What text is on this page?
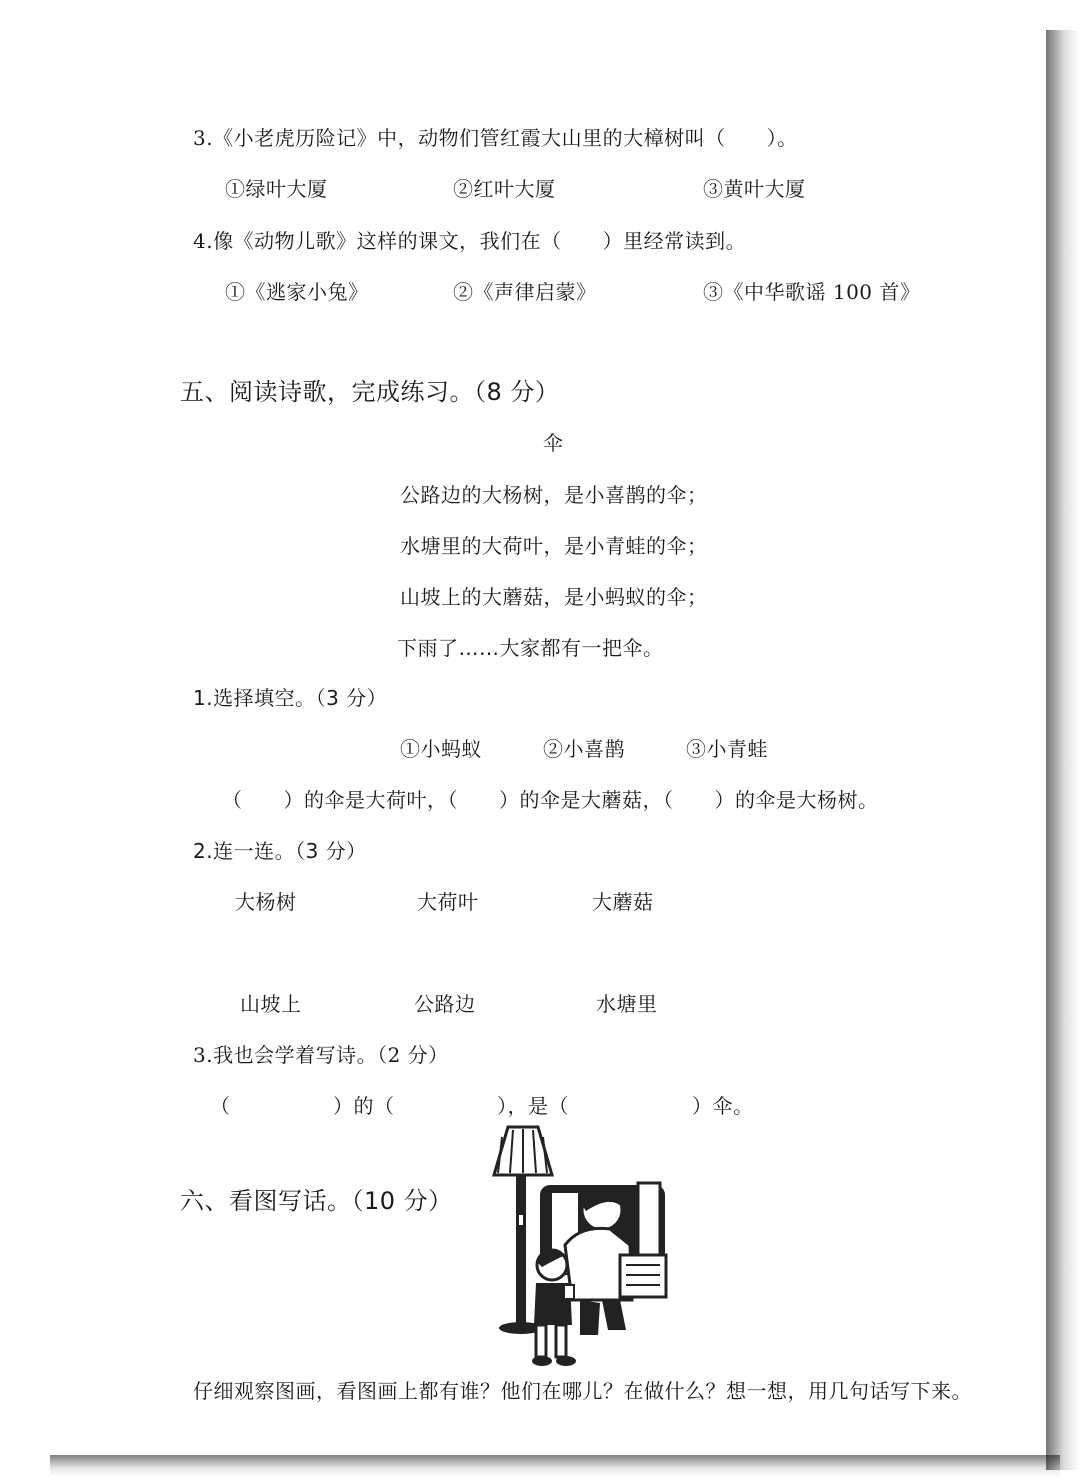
3.《小老虎历险记》中，动物们管红霞大山里的大樟树叫（　　）。
①绿叶大厦	②红叶大厦	③黄叶大厦
4.像《动物儿歌》这样的课文，我们在（　　）里经常读到。
①《逃家小兔》	②《声律启蒙》	③《中华歌谣 100 首》
五、阅读诗歌，完成练习。（8 分）
伞
公路边的大杨树，是小喜鹊的伞；
水塘里的大荷叶，是小青蛙的伞；
山坡上的大蘑菇，是小蚂蚁的伞；
下雨了……大家都有一把伞。
1.选择填空。（3 分）
①小蚂蚁	②小喜鹊	③小青蛙
（　　）的伞是大荷叶，（　　）的伞是大蘑菇，（　　）的伞是大杨树。
2.连一连。（3 分）
大杨树	大荷叶	大蘑菇
山坡上	公路边	水塘里
3.我也会学着写诗。（2 分）
（　　　　　）的（　　　　　），是（　　　　　　）伞。
六、看图写话。（10 分）
仔细观察图画，看图画上都有谁？他们在哪儿？在做什么？想一想，用几句话写下来。
